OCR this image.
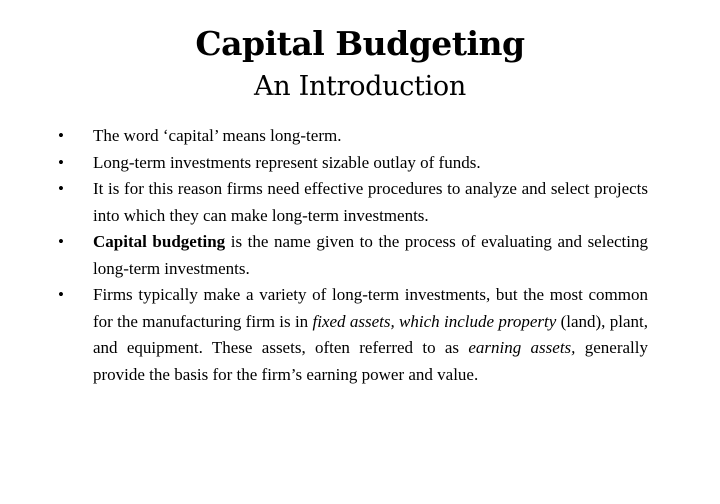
Capital Budgeting
An Introduction
•	The word ‘capital’ means long-term.
•	Long-term investments represent sizable outlay of funds.
•	It is for this reason firms need effective procedures to analyze and select projects into which they can make long-term investments.
•	Capital budgeting is the name given to the process of evaluating and selecting long-term investments.
•	Firms typically make a variety of long-term investments, but the most common for the manufacturing firm is in fixed assets, which include property (land), plant, and equipment. These assets, often referred to as earning assets, generally provide the basis for the firm’s earning power and value.
